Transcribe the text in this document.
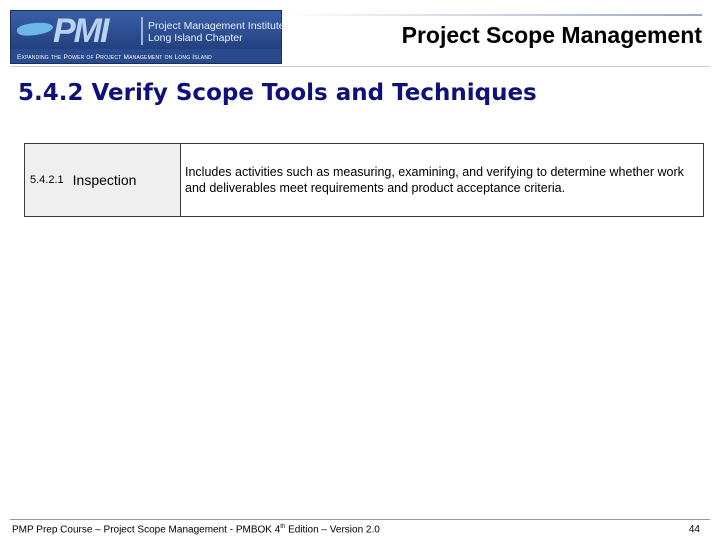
PMI	Project Management Institute
Long Island Chapter
Expanding the Power of Project Management on Long Island
Project Scope Management
5.4.2 Verify Scope Tools and Techniques
5.4.2.1 Inspection	Includes activities such as measuring, examining, and verifying to determine whether work and deliverables meet requirements and product acceptance criteria.
PMP Prep Course – Project Scope Management - PMBOK 4th Edition – Version 2.0	44
